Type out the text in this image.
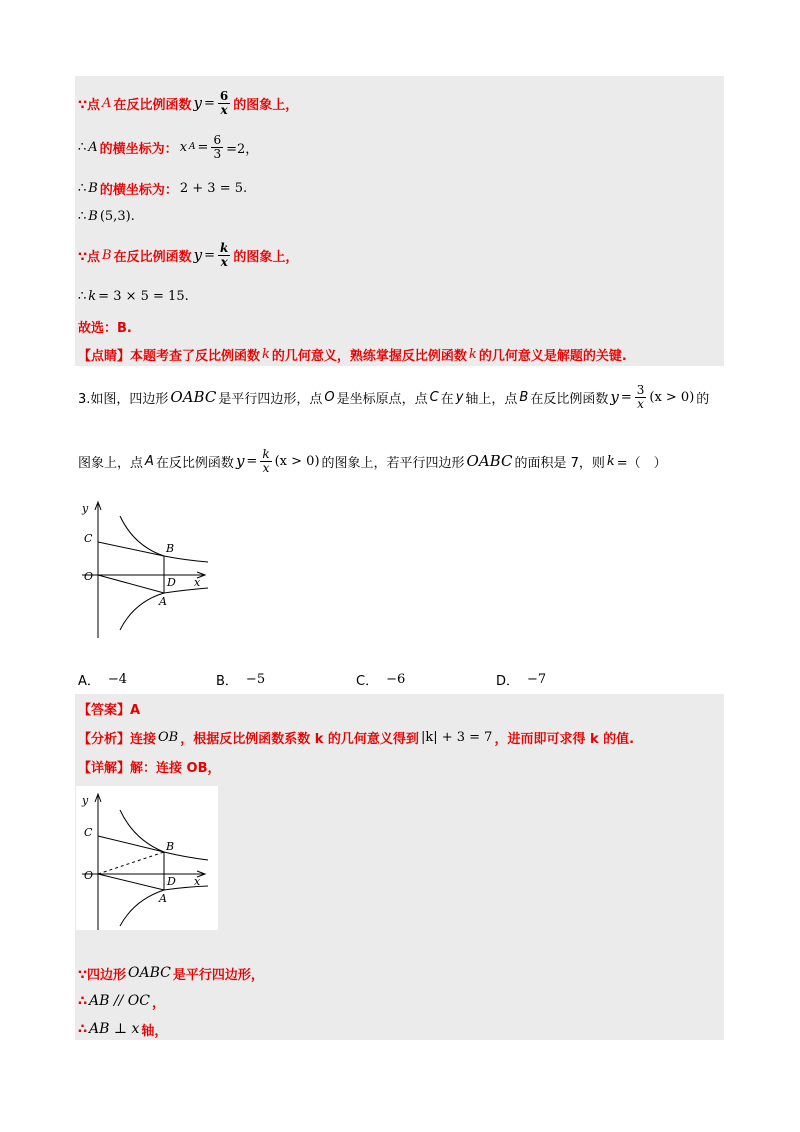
∵点 A 在反比例函数 $y = \frac{6}{x}$ 的图象上，
∴ A 的横坐标为： x $A = \frac{6}{3} =2$，
∴ B 的横坐标为： 2 + 3 = 5.
∴ B (5,3).
∵点 B 在反比例函数 $y = \frac{k}{x}$ 的图象上，
∴ k = 3 × 5 = 15.
故选：B.
【点睛】本题考查了反比例函数 k 的几何意义，熟练掌握反比例函数 k 的几何意义是解题的关键.
3.如图，四边形 OABC 是平行四边形，点 O 是坐标原点，点 C 在 y 轴上，点 B 在反比例函数 $y = \frac{3}{x} (x > 0)$ 的
图象上，点 A 在反比例函数 $y = \frac{k}{x} (x > 0)$ 的图象上，若平行四边形 OABC 的面积是 7，则 k =（　）
y
x
C
B
O	D
A
A． −4	B． −5	C． −6	D． −7
【答案】A
【分析】连接 OB ，根据反比例函数系数 k 的几何意义得到 |k| + 3 = 7 ，进而即可求得 k 的值.
【详解】解：连接 OB，
y
x
C
B
O	D
A
∵四边形 OABC 是平行四边形，
∴ AB // OC ，
∴ AB ⊥ x 轴，
